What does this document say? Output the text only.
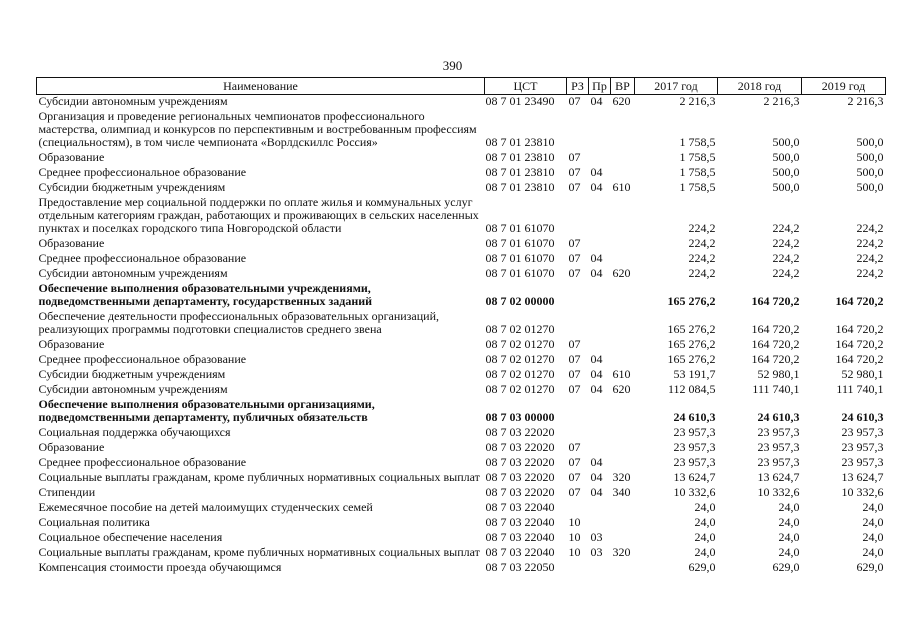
390
Наименование	ЦСТ	РЗ	Пр	ВР	2017 год	2018 год	2019 год
Субсидии автономным учреждениям	08 7 01 23490	07	04	620	2 216,3	2 216,3	2 216,3
Организация и проведение региональных чемпионатов профессионального мастерства, олимпиад и конкурсов по перспективным и востребованным профессиям (специальностям), в том числе чемпионата «Ворлдскиллс Россия»	08 7 01 23810				1 758,5	500,0	500,0
Образование	08 7 01 23810	07			1 758,5	500,0	500,0
Среднее профессиональное образование	08 7 01 23810	07	04		1 758,5	500,0	500,0
Субсидии бюджетным учреждениям	08 7 01 23810	07	04	610	1 758,5	500,0	500,0
Предоставление мер социальной поддержки по оплате жилья и коммунальных услуг отдельным категориям граждан, работающих и проживающих в сельских населенных пунктах и поселках городского типа Новгородской области	08 7 01 61070				224,2	224,2	224,2
Образование	08 7 01 61070	07			224,2	224,2	224,2
Среднее профессиональное образование	08 7 01 61070	07	04		224,2	224,2	224,2
Субсидии автономным учреждениям	08 7 01 61070	07	04	620	224,2	224,2	224,2
Обеспечение выполнения образовательными учреждениями, подведомственными департаменту, государственных заданий	08 7 02 00000				165 276,2	164 720,2	164 720,2
Обеспечение деятельности профессиональных образовательных организаций, реализующих программы подготовки специалистов среднего звена	08 7 02 01270				165 276,2	164 720,2	164 720,2
Образование	08 7 02 01270	07			165 276,2	164 720,2	164 720,2
Среднее профессиональное образование	08 7 02 01270	07	04		165 276,2	164 720,2	164 720,2
Субсидии бюджетным учреждениям	08 7 02 01270	07	04	610	53 191,7	52 980,1	52 980,1
Субсидии автономным учреждениям	08 7 02 01270	07	04	620	112 084,5	111 740,1	111 740,1
Обеспечение выполнения образовательными организациями, подведомственными департаменту, публичных обязательств	08 7 03 00000				24 610,3	24 610,3	24 610,3
Социальная поддержка обучающихся	08 7 03 22020				23 957,3	23 957,3	23 957,3
Образование	08 7 03 22020	07			23 957,3	23 957,3	23 957,3
Среднее профессиональное образование	08 7 03 22020	07	04		23 957,3	23 957,3	23 957,3
Социальные выплаты гражданам, кроме публичных нормативных социальных выплат	08 7 03 22020	07	04	320	13 624,7	13 624,7	13 624,7
Стипендии	08 7 03 22020	07	04	340	10 332,6	10 332,6	10 332,6
Ежемесячное пособие на детей малоимущих студенческих семей	08 7 03 22040				24,0	24,0	24,0
Социальная политика	08 7 03 22040	10			24,0	24,0	24,0
Социальное обеспечение населения	08 7 03 22040	10	03		24,0	24,0	24,0
Социальные выплаты гражданам, кроме публичных нормативных социальных выплат	08 7 03 22040	10	03	320	24,0	24,0	24,0
Компенсация стоимости проезда обучающимся	08 7 03 22050				629,0	629,0	629,0
